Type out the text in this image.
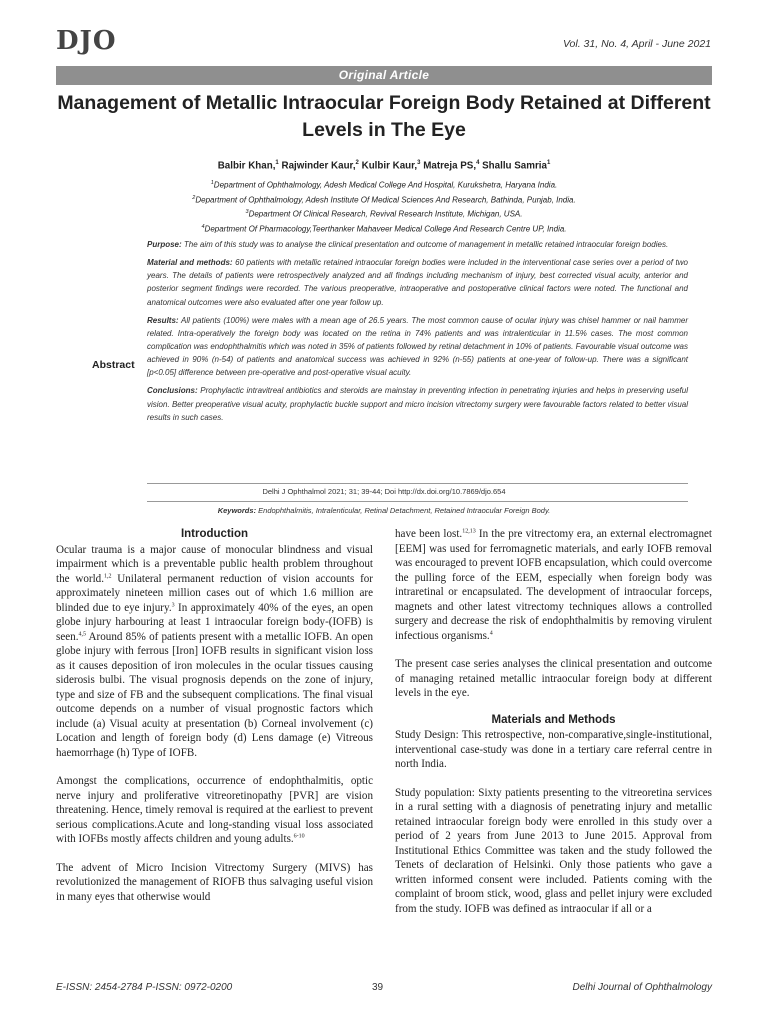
DJO	Vol. 31, No. 4, April - June 2021
Original Article
Management of Metallic Intraocular Foreign Body Retained at Different Levels in The Eye
Balbir Khan,$^1$ Rajwinder Kaur,$^2$ Kulbir Kaur,$^3$ Matreja PS,$^4$ Shallu Samria$^1$
$^1$Department of Ophthalmology, Adesh Medical College And Hospital, Kurukshetra, Haryana India.
$^2$Department of Ophthalmology, Adesh Institute Of Medical Sciences And Research, Bathinda, Punjab, India.
$^3$Department Of Clinical Research, Revival Research Institute, Michigan, USA.
$^4$Department Of Pharmacology,Teerthanker Mahaveer Medical College And Research Centre UP, India.
Abstract

Purpose: The aim of this study was to analyse the clinical presentation and outcome of management in metallic retained intraocular foreign bodies.

Material and methods: 60 patients with metallic retained intraocular foreign bodies were included in the interventional case series over a period of two years. The details of patients were retrospectively analyzed and all findings including mechanism of injury, best corrected visual acuity, anterior and posterior segment findings were recorded. The various preoperative, intraoperative and postoperative clinical factors were noted. The functional and anatomical outcomes were also evaluated after one year follow up.

Results: All patients (100%) were males with a mean age of 26.5 years. The most common cause of ocular injury was chisel hammer or nail hammer related. Intra-operatively the foreign body was located on the retina in 74% patients and was intralenticular in 11.5% cases. The most common complication was endophthalmitis which was noted in 35% of patients followed by retinal detachment in 10% of patients. Favourable visual outcome was achieved in 90% (n-54) of patients and anatomical success was achieved in 92% (n-55) patients at one-year of follow-up. There was a significant [p<0.05] difference between pre-operative and post-operative visual acuity.

Conclusions: Prophylactic intravitreal antibiotics and steroids are mainstay in preventing infection in penetrating injuries and helps in preserving useful vision. Better preoperative visual acuity, prophylactic buckle support and micro incision vitrectomy surgery were favourable factors related to better visual results in such cases.

Delhi J Ophthalmol 2021; 31; 39-44; Doi http://dx.doi.org/10.7869/djo.654
Keywords: Endophthalmitis, Intralenticular, Retinal Detachment, Retained Intraocular Foreign Body.
Introduction

Ocular trauma is a major cause of monocular blindness and visual impairment which is a preventable public health problem throughout the world.$^{1,2}$ Unilateral permanent reduction of vision accounts for approximately nineteen million cases out of which 1.6 million are blinded due to eye injury.$^3$ In approximately 40% of the eyes, an open globe injury harbouring at least 1 intraocular foreign body-(IOFB) is seen.$^{4,5}$ Around 85% of patients present with a metallic IOFB. An open globe injury with ferrous [Iron] IOFB results in significant vision loss as it causes deposition of iron molecules in the ocular tissues causing siderosis bulbi. The visual prognosis depends on the zone of injury, type and size of FB and the subsequent complications. The final visual outcome depends on a number of visual prognostic factors which include (a) Visual acuity at presentation (b) Corneal involvement (c) Location and length of foreign body (d) Lens damage (e) Vitreous haemorrhage (h) Type of IOFB.

Amongst the complications, occurrence of endophthalmitis, optic nerve injury and proliferative vitreoretinopathy [PVR] are vision threatening. Hence, timely removal is required at the earliest to prevent serious complications.Acute and long-standing visual loss associated with IOFBs mostly affects children and young adults.$^{6-10}$

The advent of Micro Incision Vitrectomy Surgery (MIVS) has revolutionized the management of RIOFB thus salvaging useful vision in many eyes that otherwise would

have been lost.$^{12,13}$ In the pre vitrectomy era, an external electromagnet [EEM] was used for ferromagnetic materials, and early IOFB removal was encouraged to prevent IOFB encapsulation, which could overcome the pulling force of the EEM, especially when foreign body was intraretinal or encapsulated. The development of intraocular forceps, magnets and other latest vitrectomy techniques allows a controlled surgery and decrease the risk of endophthalmitis by removing virulent infectious organisms.$^4$

The present case series analyses the clinical presentation and outcome of managing retained metallic intraocular foreign body at different levels in the eye.

Materials and Methods

Study Design: This retrospective, non-comparative,single-institutional, interventional case-study was done in a tertiary care referral centre in north India.

Study population: Sixty patients presenting to the vitreoretina services in a rural setting with a diagnosis of penetrating injury and metallic retained intraocular foreign body were enrolled in this study over a period of 2 years from June 2013 to June 2015. Approval from Institutional Ethics Committee was taken and the study followed the Tenets of declaration of Helsinki. Only those patients who gave a written informed consent were included. Patients coming with the complaint of broom stick, wood, glass and pellet injury were excluded from the study. IOFB was defined as intraocular if all or a

E-ISSN: 2454-2784 P-ISSN: 0972-0200	39	Delhi Journal of Ophthalmology
